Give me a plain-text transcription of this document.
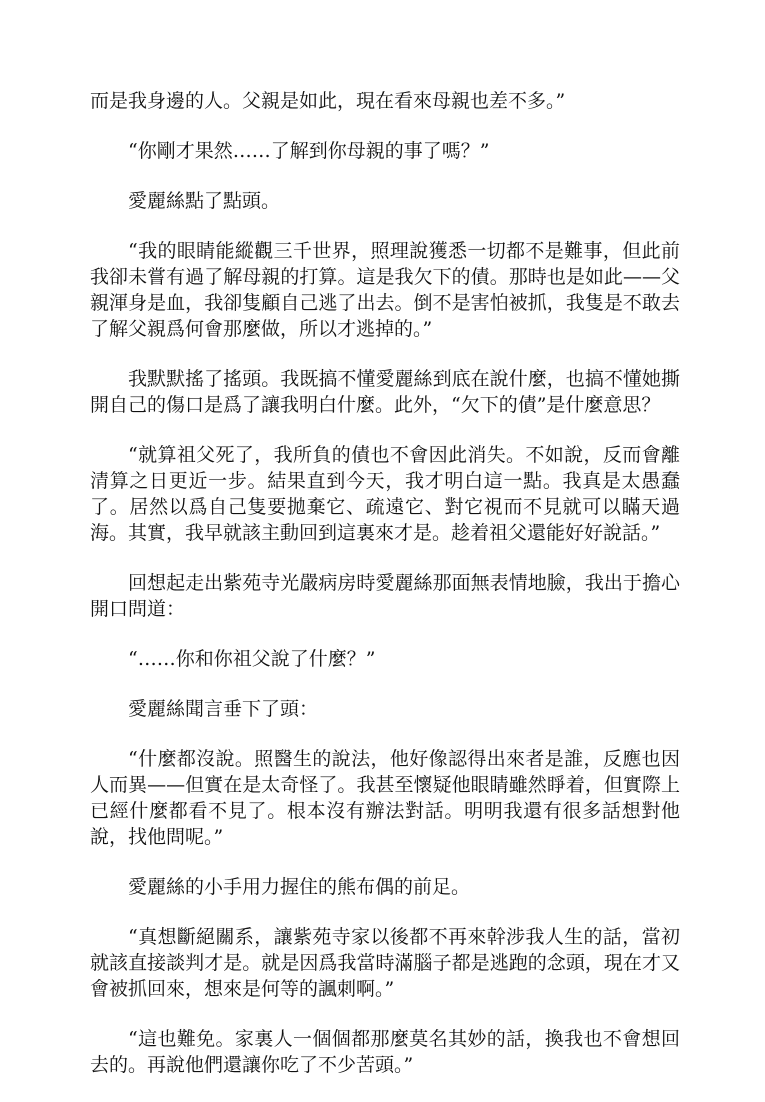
而是我身邊的人。父親是如此，現在看來母親也差不多。”

“你剛才果然……了解到你母親的事了嗎？”

愛麗絲點了點頭。

“我的眼睛能縱觀三千世界，照理說獲悉一切都不是難事，但此前我卻未嘗有過了解母親的打算。這是我欠下的債。那時也是如此——父親渾身是血，我卻隻顧自己逃了出去。倒不是害怕被抓，我隻是不敢去了解父親爲何會那麼做，所以才逃掉的。”

我默默搖了搖頭。我既搞不懂愛麗絲到底在說什麼，也搞不懂她撕開自己的傷口是爲了讓我明白什麼。此外，“欠下的債”是什麼意思？

“就算祖父死了，我所負的債也不會因此消失。不如說，反而會離清算之日更近一步。結果直到今天，我才明白這一點。我真是太愚蠢了。居然以爲自己隻要拋棄它、疏遠它、對它視而不見就可以瞞天過海。其實，我早就該主動回到這裏來才是。趁着祖父還能好好說話。”

回想起走出紫苑寺光嚴病房時愛麗絲那面無表情地臉，我出于擔心開口問道：

“……你和你祖父說了什麼？”

愛麗絲聞言垂下了頭：

“什麼都沒說。照醫生的說法，他好像認得出來者是誰，反應也因人而異——但實在是太奇怪了。我甚至懷疑他眼睛雖然睜着，但實際上已經什麼都看不見了。根本沒有辦法對話。明明我還有很多話想對他說，找他問呢。”

愛麗絲的小手用力握住的熊布偶的前足。

“真想斷絕關系，讓紫苑寺家以後都不再來幹涉我人生的話，當初就該直接談判才是。就是因爲我當時滿腦子都是逃跑的念頭，現在才又會被抓回來，想來是何等的諷刺啊。”

“這也難免。家裏人一個個都那麼莫名其妙的話，換我也不會想回去的。再說他們還讓你吃了不少苦頭。”
